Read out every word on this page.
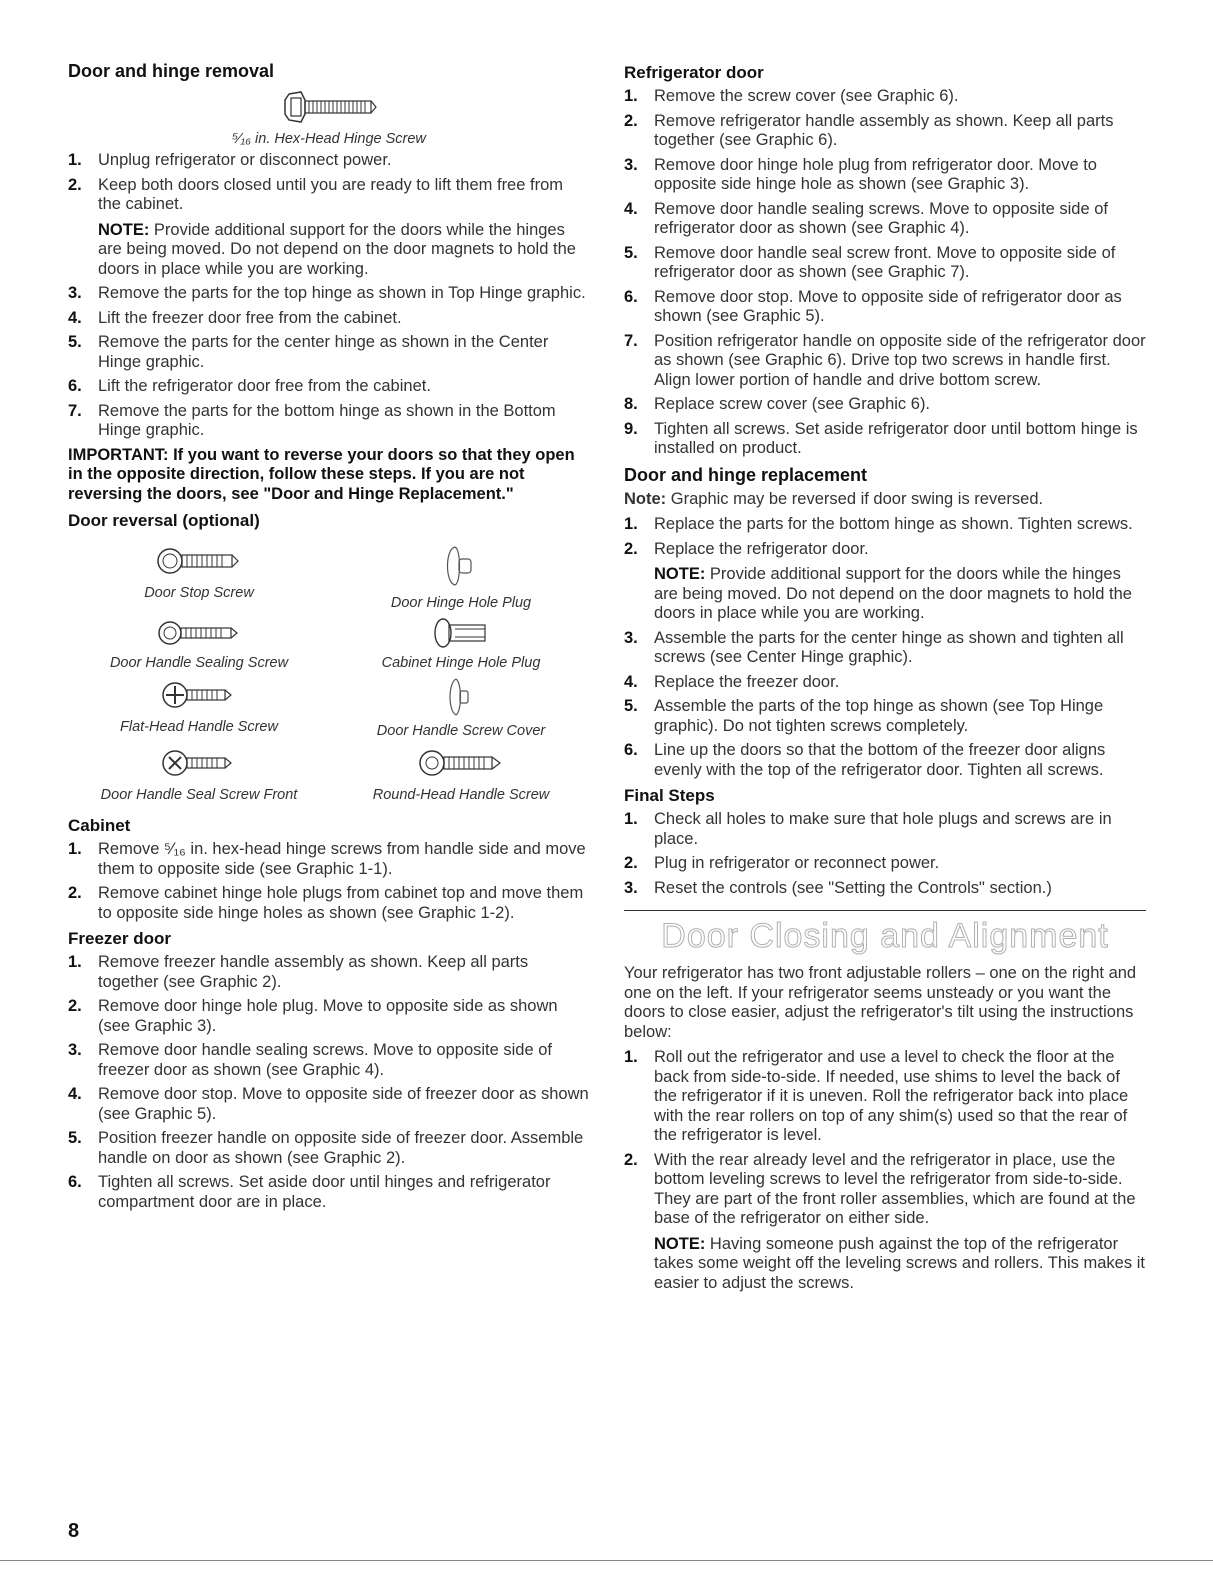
Door and hinge removal
⁵⁄₁₆ in. Hex-Head Hinge Screw
1. Unplug refrigerator or disconnect power.
2. Keep both doors closed until you are ready to lift them free from the cabinet.
NOTE: Provide additional support for the doors while the hinges are being moved. Do not depend on the door magnets to hold the doors in place while you are working.
3. Remove the parts for the top hinge as shown in Top Hinge graphic.
4. Lift the freezer door free from the cabinet.
5. Remove the parts for the center hinge as shown in the Center Hinge graphic.
6. Lift the refrigerator door free from the cabinet.
7. Remove the parts for the bottom hinge as shown in the Bottom Hinge graphic.
IMPORTANT: If you want to reverse your doors so that they open in the opposite direction, follow these steps. If you are not reversing the doors, see "Door and Hinge Replacement."
Door reversal (optional)
Door Stop Screw
Door Hinge Hole Plug
Door Handle Sealing Screw	Cabinet Hinge Hole Plug
Flat-Head Handle Screw	Door Handle Screw Cover
Door Handle Seal Screw Front	Round-Head Handle Screw
Cabinet
1. Remove ⁵⁄₁₆ in. hex-head hinge screws from handle side and move them to opposite side (see Graphic 1-1).
2. Remove cabinet hinge hole plugs from cabinet top and move them to opposite side hinge holes as shown (see Graphic 1-2).
Freezer door
1. Remove freezer handle assembly as shown. Keep all parts together (see Graphic 2).
2. Remove door hinge hole plug. Move to opposite side as shown (see Graphic 3).
3. Remove door handle sealing screws. Move to opposite side of freezer door as shown (see Graphic 4).
4. Remove door stop. Move to opposite side of freezer door as shown (see Graphic 5).
5. Position freezer handle on opposite side of freezer door. Assemble handle on door as shown (see Graphic 2).
6. Tighten all screws. Set aside door until hinges and refrigerator compartment door are in place.
Refrigerator door
1. Remove the screw cover (see Graphic 6).
2. Remove refrigerator handle assembly as shown. Keep all parts together (see Graphic 6).
3. Remove door hinge hole plug from refrigerator door. Move to opposite side hinge hole as shown (see Graphic 3).
4. Remove door handle sealing screws. Move to opposite side of refrigerator door as shown (see Graphic 4).
5. Remove door handle seal screw front. Move to opposite side of refrigerator door as shown (see Graphic 7).
6. Remove door stop. Move to opposite side of refrigerator door as shown (see Graphic 5).
7. Position refrigerator handle on opposite side of the refrigerator door as shown (see Graphic 6). Drive top two screws in handle first. Align lower portion of handle and drive bottom screw.
8. Replace screw cover (see Graphic 6).
9. Tighten all screws. Set aside refrigerator door until bottom hinge is installed on product.
Door and hinge replacement
Note: Graphic may be reversed if door swing is reversed.
1. Replace the parts for the bottom hinge as shown. Tighten screws.
2. Replace the refrigerator door.
NOTE: Provide additional support for the doors while the hinges are being moved. Do not depend on the door magnets to hold the doors in place while you are working.
3. Assemble the parts for the center hinge as shown and tighten all screws (see Center Hinge graphic).
4. Replace the freezer door.
5. Assemble the parts of the top hinge as shown (see Top Hinge graphic). Do not tighten screws completely.
6. Line up the doors so that the bottom of the freezer door aligns evenly with the top of the refrigerator door. Tighten all screws.
Final Steps
1. Check all holes to make sure that hole plugs and screws are in place.
2. Plug in refrigerator or reconnect power.
3. Reset the controls (see "Setting the Controls" section.)
Door Closing and Alignment
Your refrigerator has two front adjustable rollers – one on the right and one on the left. If your refrigerator seems unsteady or you want the doors to close easier, adjust the refrigerator's tilt using the instructions below:
1. Roll out the refrigerator and use a level to check the floor at the back from side-to-side. If needed, use shims to level the back of the refrigerator if it is uneven. Roll the refrigerator back into place with the rear rollers on top of any shim(s) used so that the rear of the refrigerator is level.
2. With the rear already level and the refrigerator in place, use the bottom leveling screws to level the refrigerator from side-to-side. They are part of the front roller assemblies, which are found at the base of the refrigerator on either side.
NOTE: Having someone push against the top of the refrigerator takes some weight off the leveling screws and rollers. This makes it easier to adjust the screws.
8
